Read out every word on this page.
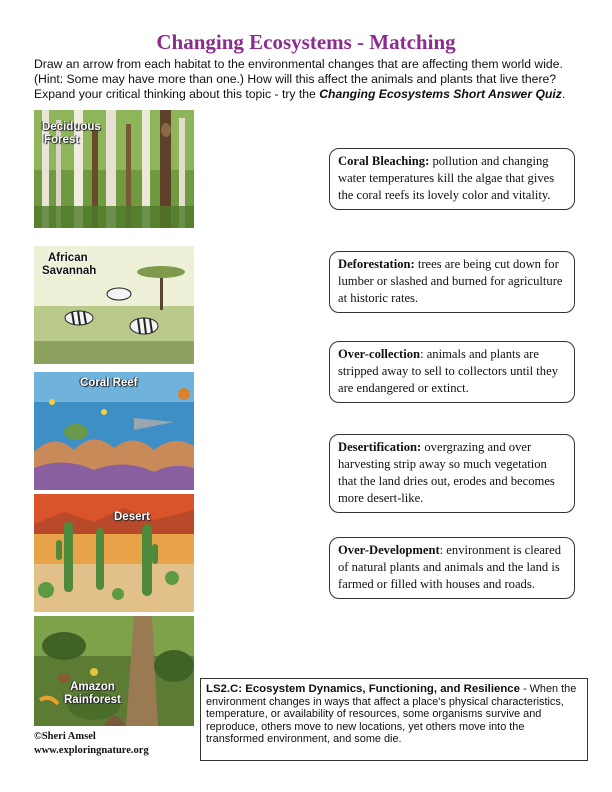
Changing Ecosystems - Matching
Draw an arrow from each habitat to the environmental changes that are affecting them world wide. (Hint: Some may have more than one.) How will this affect the animals and plants that live there? Expand your critical thinking about this topic - try the Changing Ecosystems Short Answer Quiz.
Deciduous
Forest
African
Savannah
Coral Reef
Desert
Amazon
Rainforest
Coral Bleaching: pollution and changing water temperatures kill the algae that gives the coral reefs its lovely color and vitality.
Deforestation: trees are being cut down for lumber or slashed and burned for agriculture at historic rates.
Over-collection: animals and plants are stripped away to sell to collectors until they are endangered or extinct.
Desertification: overgrazing and over harvesting strip away so much vegetation that the land dries out, erodes and becomes more desert-like.
Over-Development: environment is cleared of natural plants and animals and the land is farmed or filled with houses and roads.
LS2.C: Ecosystem Dynamics, Functioning, and Resilience - When the environment changes in ways that affect a place's physical characteristics, temperature, or availability of resources, some organisms survive and reproduce, others move to new locations, yet others move into the transformed environment, and some die.
©Sheri Amsel
www.exploringnature.org
